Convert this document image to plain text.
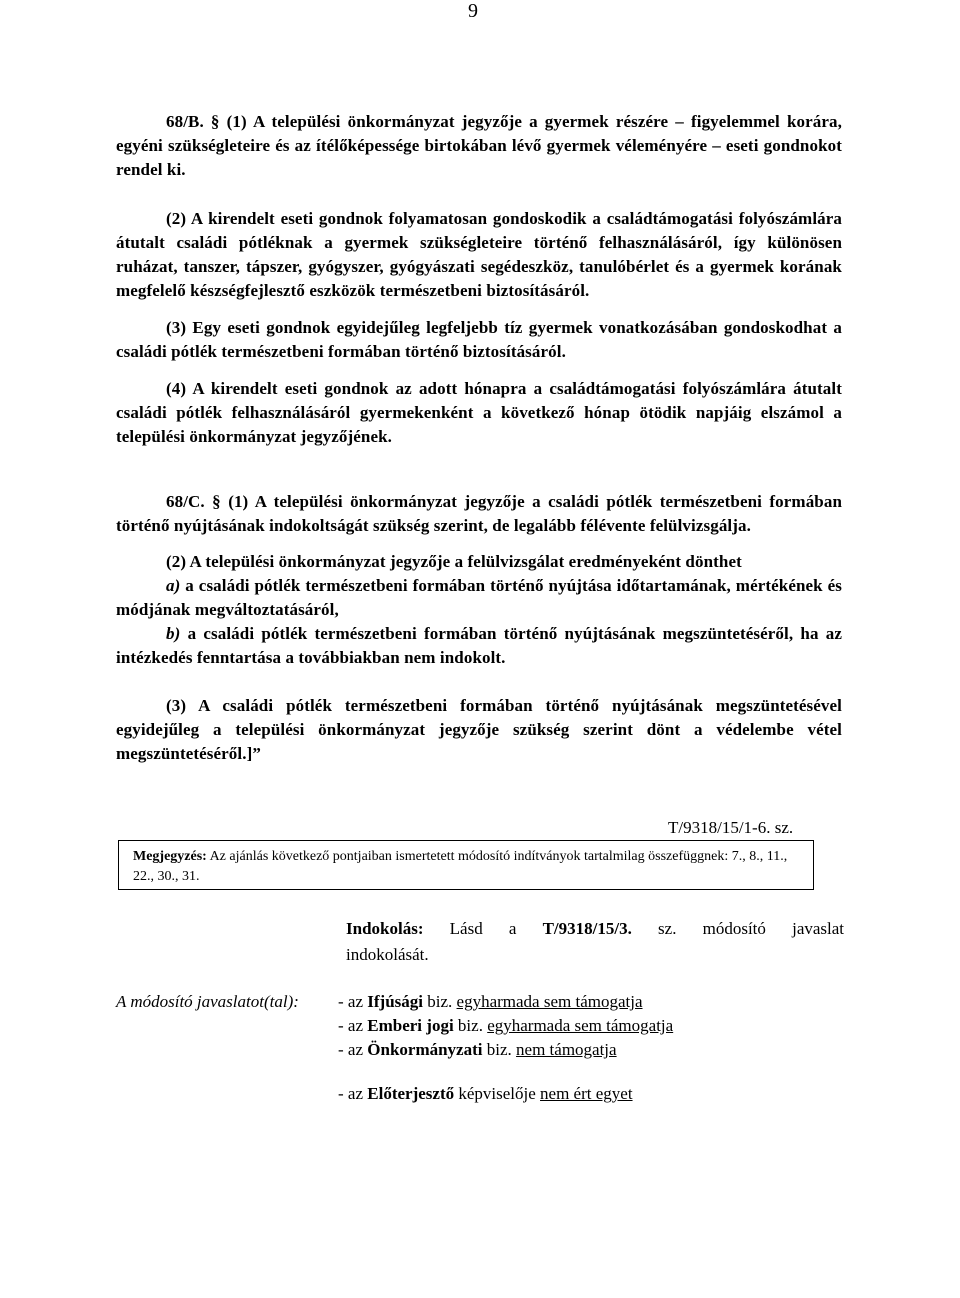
9

68/B. § (1) A települési önkormányzat jegyzője a gyermek részére – figyelemmel korára, egyéni szükségleteire és az ítélőképessége birtokában lévő gyermek véleményére – eseti gondnokot rendel ki.

(2) A kirendelt eseti gondnok folyamatosan gondoskodik a családtámogatási folyószámlára átutalt családi pótléknak a gyermek szükségleteire történő felhasználásáról, így különösen ruházat, tanszer, tápszer, gyógyszer, gyógyászati segédeszköz, tanulóbérlet és a gyermek korának megfelelő készségfejlesztő eszközök természetbeni biztosításáról.

(3) Egy eseti gondnok egyidejűleg legfeljebb tíz gyermek vonatkozásában gondoskodhat a családi pótlék természetbeni formában történő biztosításáról.

(4) A kirendelt eseti gondnok az adott hónapra a családtámogatási folyószámlára átutalt családi pótlék felhasználásáról gyermekenként a következő hónap ötödik napjáig elszámol a települési önkormányzat jegyzőjének.

68/C. § (1) A települési önkormányzat jegyzője a családi pótlék természetbeni formában történő nyújtásának indokoltságát szükség szerint, de legalább félévente felülvizsgálja.

(2) A települési önkormányzat jegyzője a felülvizsgálat eredményeként dönthet

a) a családi pótlék természetbeni formában történő nyújtása időtartamának, mértékének és módjának megváltoztatásáról,

b) a családi pótlék természetbeni formában történő nyújtásának megszüntetéséről, ha az intézkedés fenntartása a továbbiakban nem indokolt.

(3) A családi pótlék természetbeni formában történő nyújtásának megszüntetésével egyidejűleg a települési önkormányzat jegyzője szükség szerint dönt a védelembe vétel megszüntetéséről.]”

T/9318/15/1-6. sz.
Megjegyzés: Az ajánlás következő pontjaiban ismertetett módosító indítványok tartalmilag összefüggnek: 7., 8., 11., 22., 30., 31.
Indokolás: Lásd a T/9318/15/3. sz. módosító javaslat
indokolását.
A módosító javaslatot(tal): - az Ifjúsági biz. egyharmada sem támogatja
- az Emberi jogi biz. egyharmada sem támogatja
- az Önkormányzati biz. nem támogatja
- az Előterjesztő képviselője nem ért egyet
